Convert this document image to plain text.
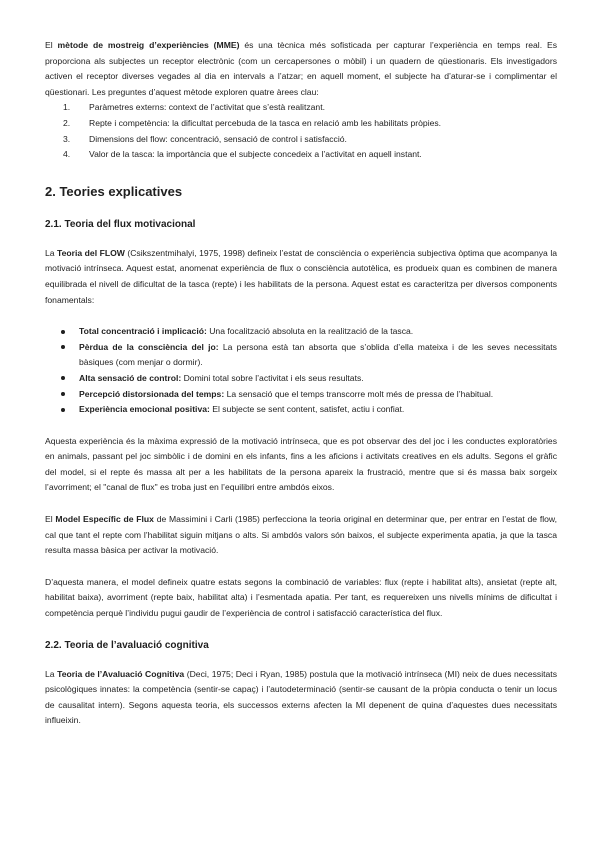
El mètode de mostreig d’experiències (MME) és una tècnica més sofisticada per capturar l’experiència en temps real. Es proporciona als subjectes un receptor electrònic (com un cercapersones o mòbil) i un quadern de qüestionaris. Els investigadors activen el receptor diverses vegades al dia en intervals a l’atzar; en aquell moment, el subjecte ha d’aturar-se i complimentar el qüestionari. Les preguntes d’aquest mètode exploren quatre àrees clau:

1. Paràmetres externs: context de l’activitat que s’està realitzant.
2. Repte i competència: la dificultat percebuda de la tasca en relació amb les habilitats pròpies.
3. Dimensions del flow: concentració, sensació de control i satisfacció.
4. Valor de la tasca: la importància que el subjecte concedeix a l’activitat en aquell instant.
2. Teories explicatives
2.1. Teoria del flux motivacional

La Teoria del FLOW (Csikszentmihalyi, 1975, 1998) defineix l’estat de consciència o experiència subjectiva òptima que acompanya la motivació intrínseca. Aquest estat, anomenat experiència de flux o consciència autotèlica, es produeix quan es combinen de manera equilibrada el nivell de dificultat de la tasca (repte) i les habilitats de la persona. Aquest estat es caracteritza per diversos components fonamentals:

Total concentració i implicació: Una focalització absoluta en la realització de la tasca.
Pèrdua de la consciència del jo: La persona està tan absorta que s’oblida d’ella mateixa i de les seves necessitats bàsiques (com menjar o dormir).
Alta sensació de control: Domini total sobre l’activitat i els seus resultats.
Percepció distorsionada del temps: La sensació que el temps transcorre molt més de pressa de l’habitual.
Experiència emocional positiva: El subjecte se sent content, satisfet, actiu i confiat.

Aquesta experiència és la màxima expressió de la motivació intrínseca, que es pot observar des del joc i les conductes exploratòries en animals, passant pel joc simbòlic i de domini en els infants, fins a les aficions i activitats creatives en els adults. Segons el gràfic del model, si el repte és massa alt per a les habilitats de la persona apareix la frustració, mentre que si és massa baix sorgeix l’avorriment; el "canal de flux" es troba just en l’equilibri entre ambdós eixos.

El Model Específic de Flux de Massimini i Carli (1985) perfecciona la teoria original en determinar que, per entrar en l’estat de flow, cal que tant el repte com l’habilitat siguin mitjans o alts. Si ambdós valors són baixos, el subjecte experimenta apatia, ja que la tasca resulta massa bàsica per activar la motivació.

D’aquesta manera, el model defineix quatre estats segons la combinació de variables: flux (repte i habilitat alts), ansietat (repte alt, habilitat baixa), avorriment (repte baix, habilitat alta) i l’esmentada apatia. Per tant, es requereixen uns nivells mínims de dificultat i competència perquè l’individu pugui gaudir de l’experiència de control i satisfacció característica del flux.

2.2. Teoria de l’avaluació cognitiva

La Teoria de l’Avaluació Cognitiva (Deci, 1975; Deci i Ryan, 1985) postula que la motivació intrínseca (MI) neix de dues necessitats psicològiques innates: la competència (sentir-se capaç) i l’autodeterminació (sentir-se causant de la pròpia conducta o tenir un locus de causalitat intern). Segons aquesta teoria, els successos externs afecten la MI depenent de quina d’aquestes dues necessitats influeixin.
